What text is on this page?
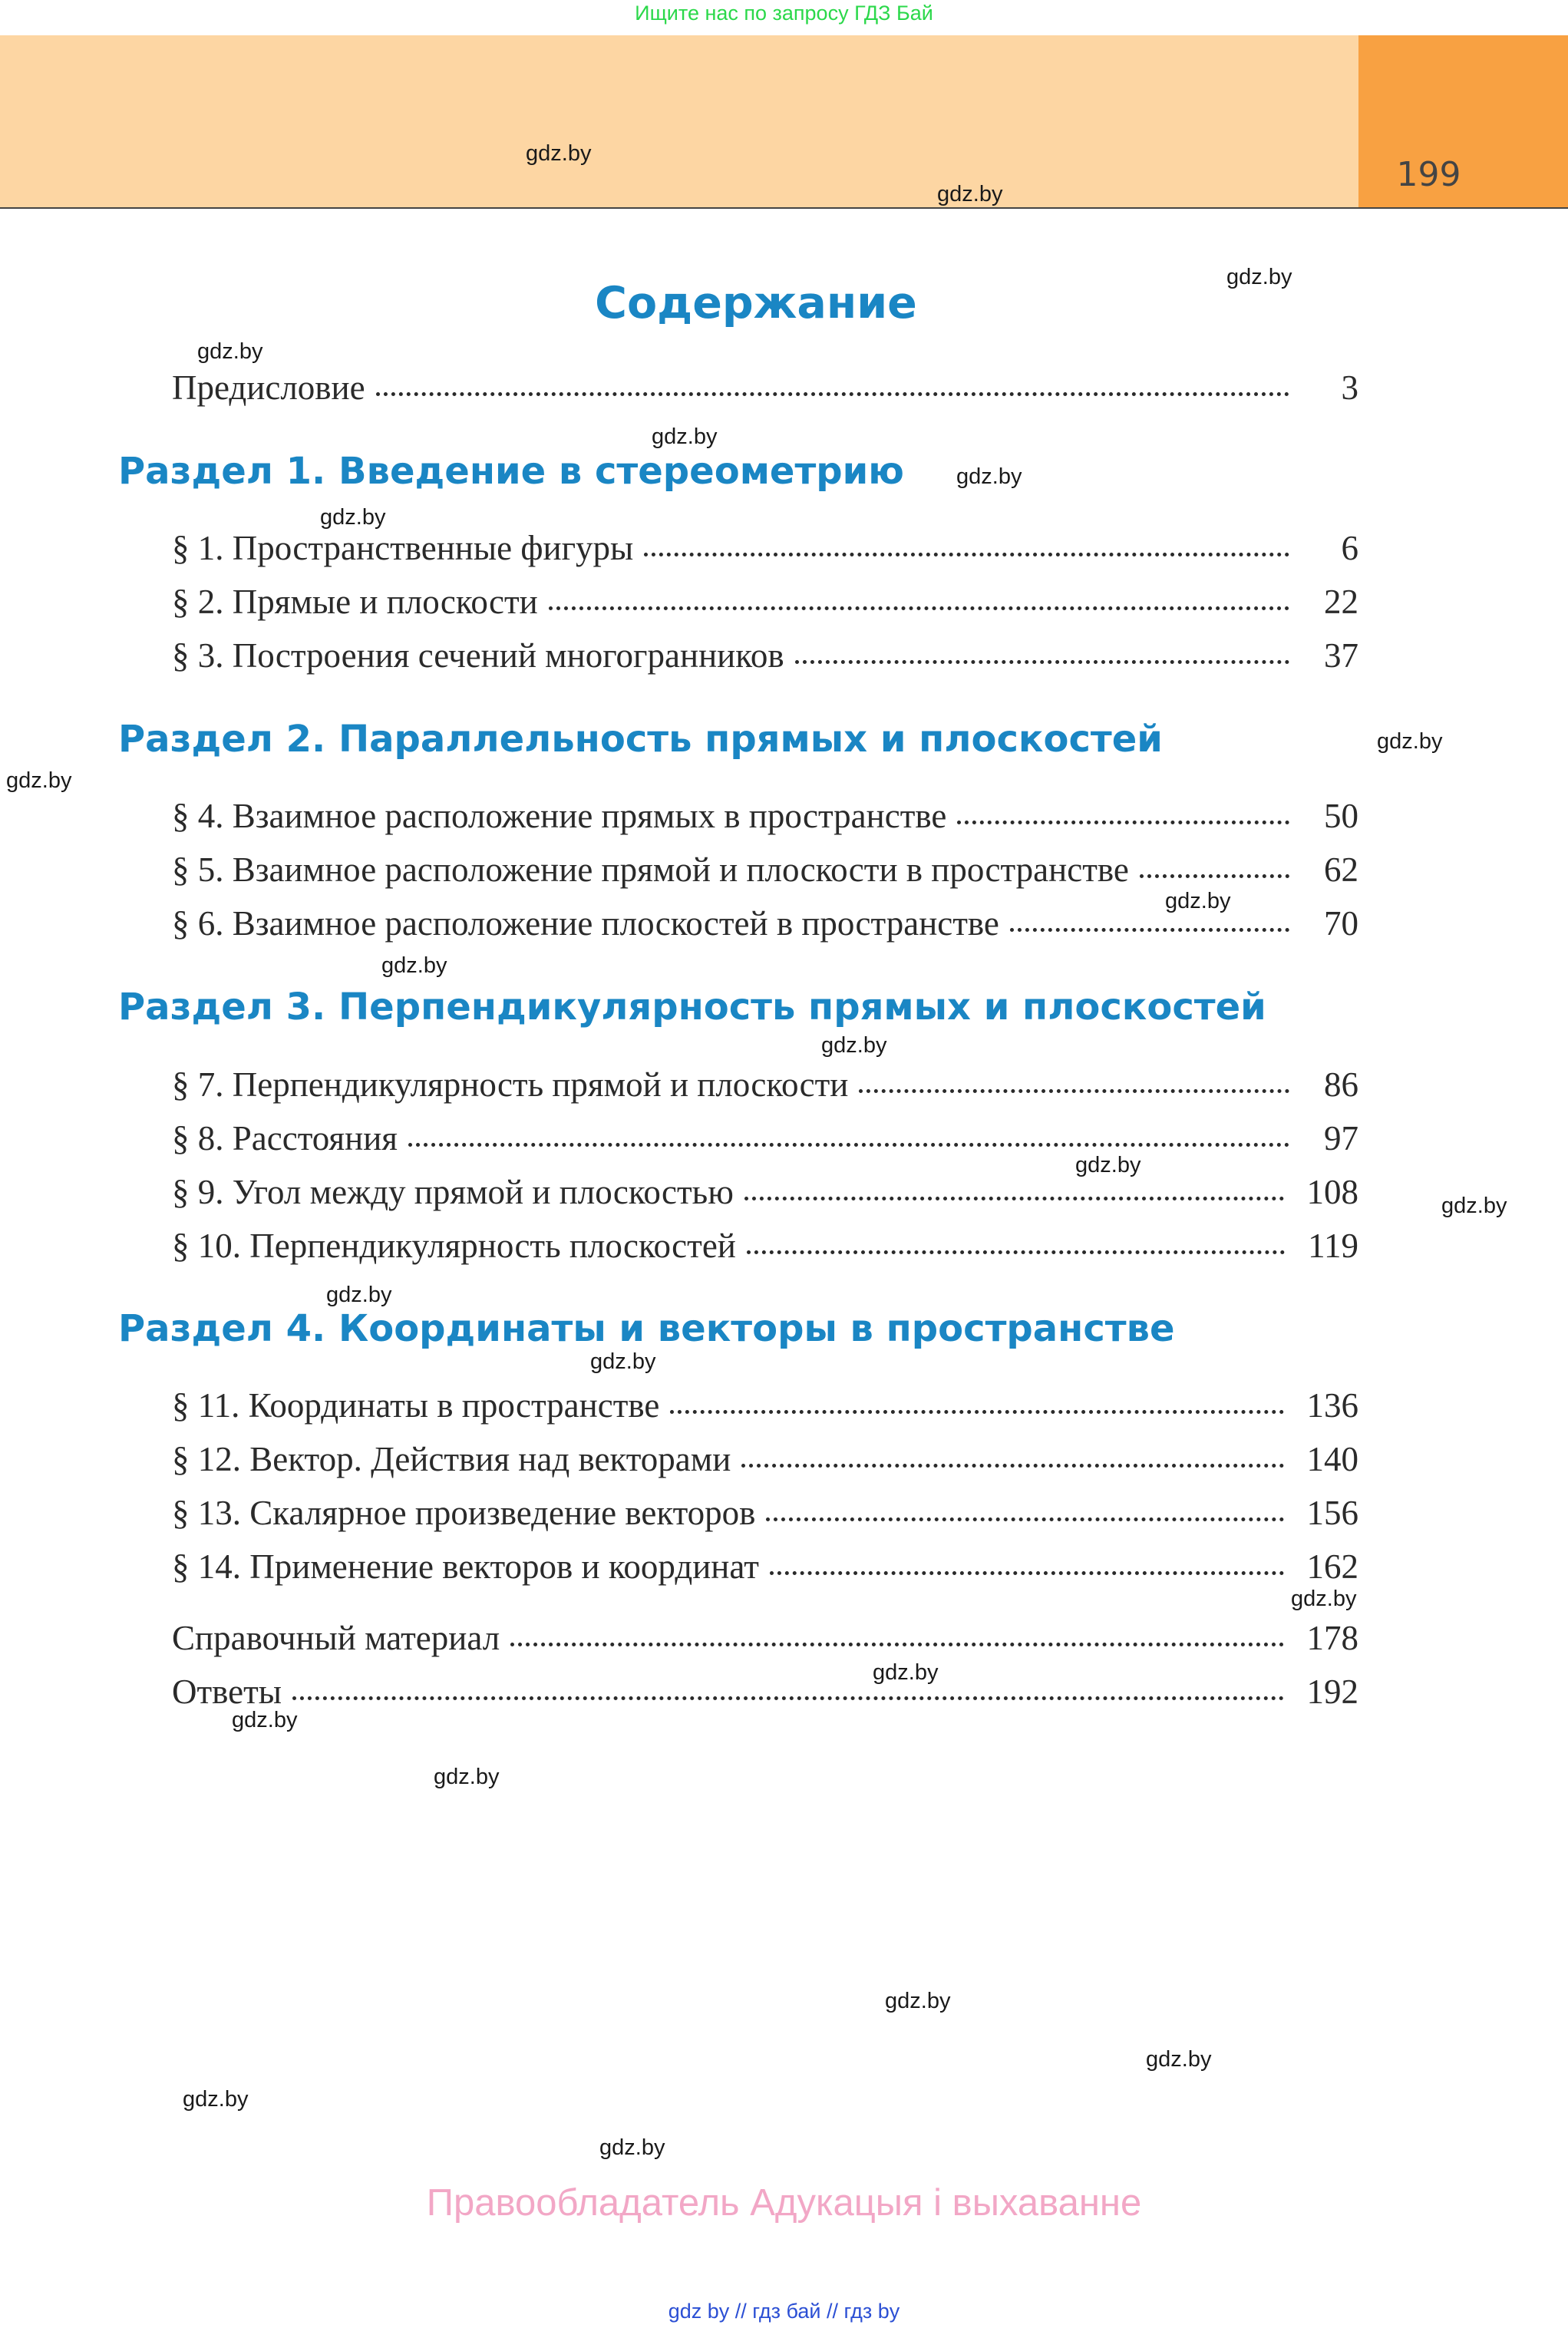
Ищите нас по запросу ГДЗ Бай
199
Содержание
Предисловие	3
Раздел 1. Введение в стереометрию
§ 1. Пространственные фигуры	6
§ 2. Прямые и плоскости	22
§ 3. Построения сечений многогранников	37
Раздел 2. Параллельность прямых и плоскостей
§ 4. Взаимное расположение прямых в пространстве	50
§ 5. Взаимное расположение прямой и плоскости в пространстве	62
§ 6. Взаимное расположение плоскостей в пространстве	70
Раздел 3. Перпендикулярность прямых и плоскостей
§ 7. Перпендикулярность прямой и плоскости	86
§ 8. Расстояния	97
§ 9. Угол между прямой и плоскостью	108
§ 10. Перпендикулярность плоскостей	119
Раздел 4. Координаты и векторы в пространстве
§ 11. Координаты в пространстве	136
§ 12. Вектор. Действия над векторами	140
§ 13. Скалярное произведение векторов	156
§ 14. Применение векторов и координат	162
Справочный материал	178
Ответы	192
gdz.by
gdz.by
gdz.by
gdz.by
gdz.by
gdz.by
gdz.by
gdz.by
gdz.by
gdz.by
gdz.by
gdz.by
gdz.by
gdz.by
gdz.by
gdz.by
gdz.by
gdz.by
gdz.by
gdz.by
gdz.by
gdz.by
gdz.by
gdz.by
Правообладатель Адукацыя і выхаванне
gdz by // гдз бай // гдз by
